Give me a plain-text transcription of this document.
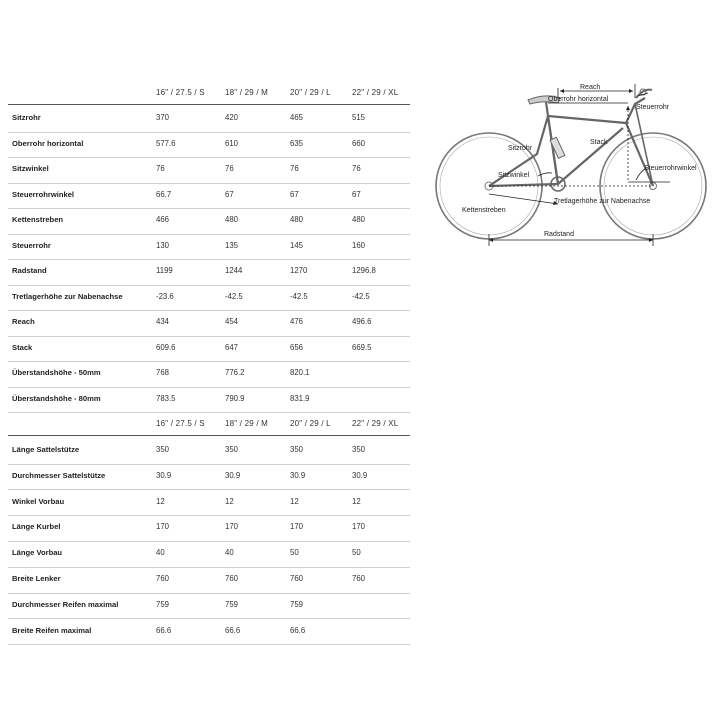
16" / 27.5 / S	18" / 29 / M	20" / 29 / L	22" / 29 / XL
Sitzrohr	370	420	465	515
Oberrohr horizontal	577.6	610	635	660
Sitzwinkel	76	76	76	76
Steuerrohrwinkel	66.7	67	67	67
Kettenstreben	466	480	480	480
Steuerrohr	130	135	145	160
Radstand	1199	1244	1270	1296.8
Tretlagerhöhe zur Nabenachse	-23.6	-42.5	-42.5	-42.5
Reach	434	454	476	496.6
Stack	609.6	647	656	669.5
Überstandshöhe - 50mm	768	776.2	820.1
Überstandshöhe - 80mm	783.5	790.9	831.9
16" / 27.5 / S	18" / 29 / M	20" / 29 / L	22" / 29 / XL
Länge Sattelstütze	350	350	350	350
Durchmesser Sattelstütze	30.9	30.9	30.9	30.9
Winkel Vorbau	12	12	12	12
Länge Kurbel	170	170	170	170
Länge Vorbau	40	40	50	50
Breite Lenker	760	760	760	760
Durchmesser Reifen maximal	759	759	759
Breite Reifen maximal	66.6	66.6	66.6
Reach
Oberrohr horizontal
Steuerrohr
Stack
Sitzrohr
Steuerrohrwinkel
Sitzwinkel
Tretlagerhöhe zur Nabenachse
Kettenstreben
Radstand
